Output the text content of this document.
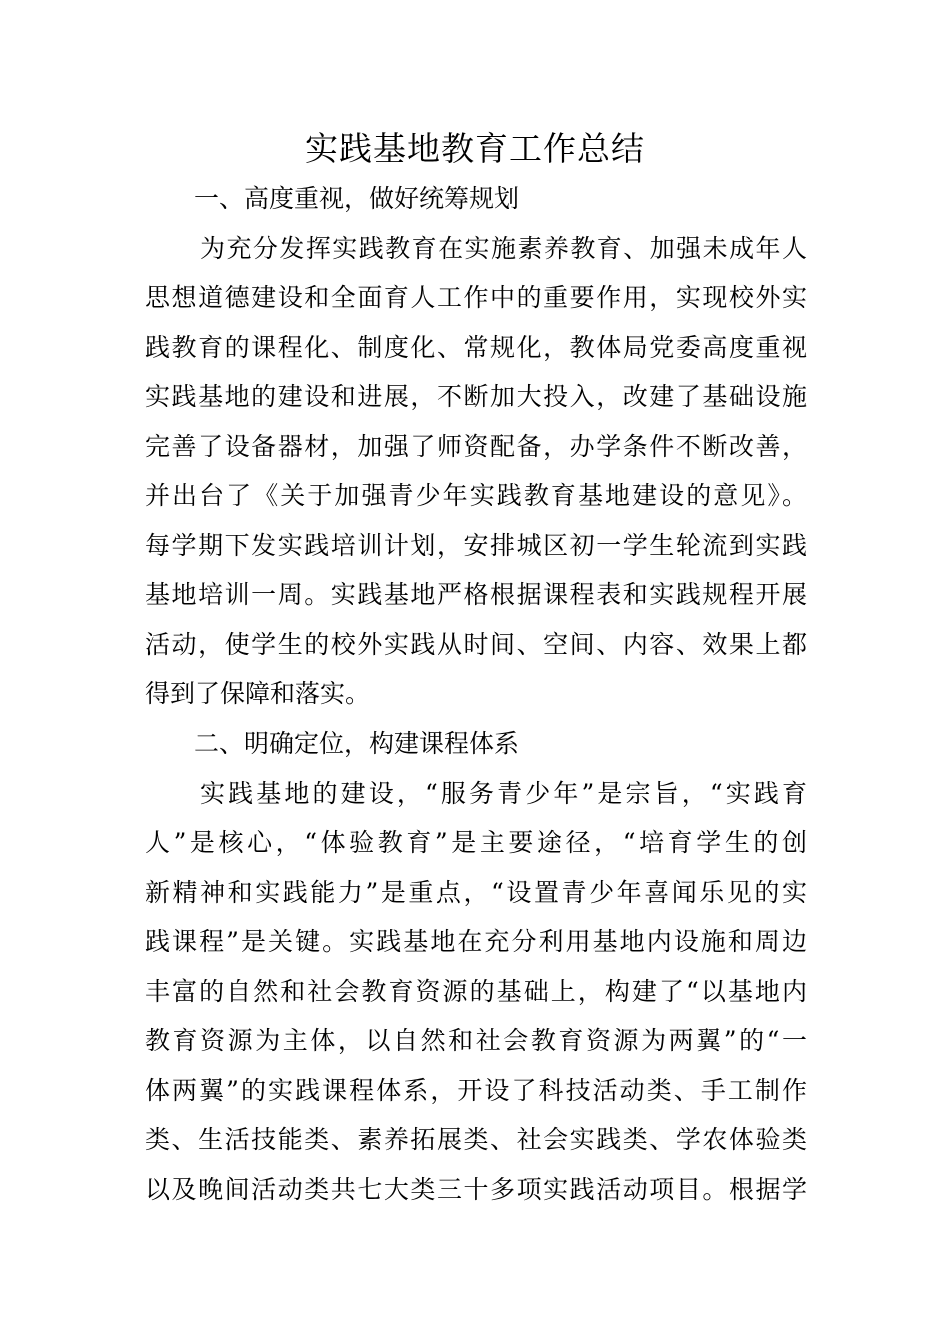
实践基地教育工作总结
一、高度重视，做好统筹规划
为充分发挥实践教育在实施素养教育、加强未成年人
思想道德建设和全面育人工作中的重要作用，实现校外实
践教育的课程化、制度化、常规化，教体局党委高度重视
实践基地的建设和进展，不断加大投入，改建了基础设施
完善了设备器材，加强了师资配备，办学条件不断改善，
并出台了《关于加强青少年实践教育基地建设的意见》。
每学期下发实践培训计划，安排城区初一学生轮流到实践
基地培训一周。实践基地严格根据课程表和实践规程开展
活动，使学生的校外实践从时间、空间、内容、效果上都
得到了保障和落实。
二、明确定位，构建课程体系
实践基地的建设，“服务青少年”是宗旨，“实践育
人”是核心，“体验教育”是主要途径，“培育学生的创
新精神和实践能力”是重点，“设置青少年喜闻乐见的实
践课程”是关键。实践基地在充分利用基地内设施和周边
丰富的自然和社会教育资源的基础上，构建了“以基地内
教育资源为主体，以自然和社会教育资源为两翼”的“一
体两翼”的实践课程体系，开设了科技活动类、手工制作
类、生活技能类、素养拓展类、社会实践类、学农体验类
以及晚间活动类共七大类三十多项实践活动项目。根据学
